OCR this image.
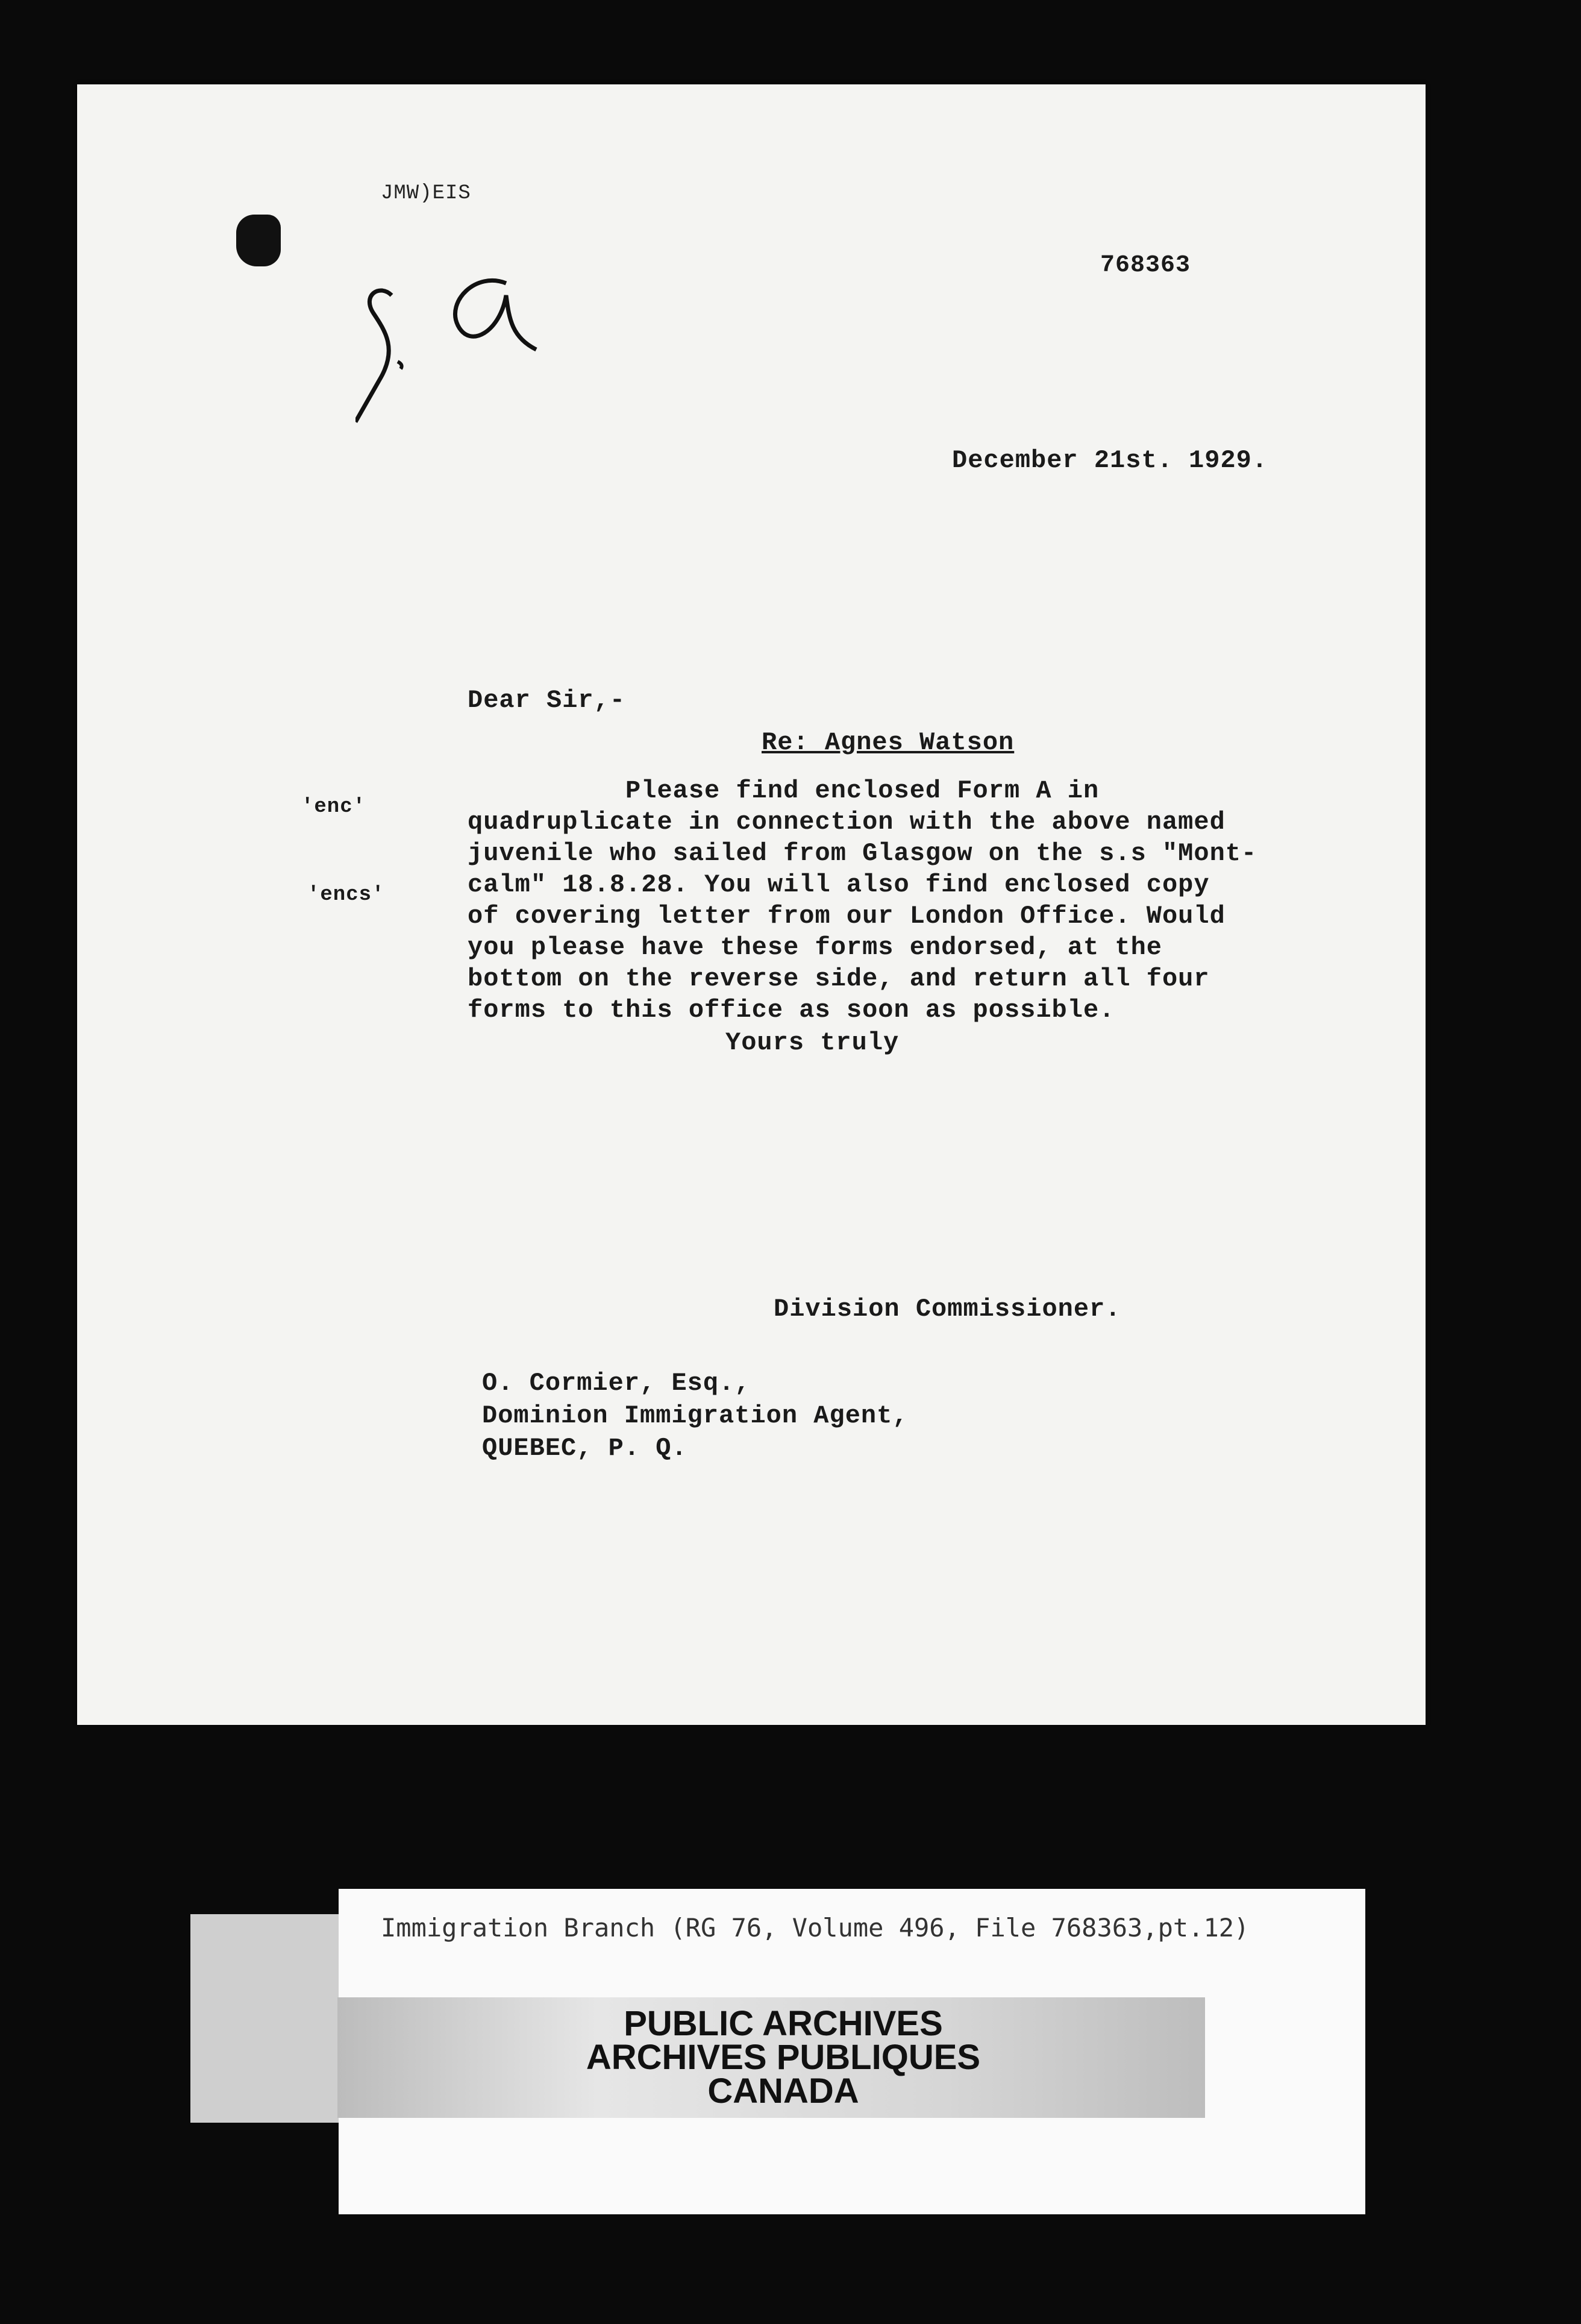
JMW)EIS
768363
December 21st. 1929.
Dear Sir,-
Re: Agnes Watson
'enc'
'encs'
Please find enclosed Form A in
quadruplicate in connection with the above named
juvenile who sailed from Glasgow on the s.s "Mont-
calm" 18.8.28. You will also find enclosed copy
of covering letter from our London Office. Would
you please have these forms endorsed, at the
bottom on the reverse side, and return all four
forms to this office as soon as possible.
Yours truly
Division Commissioner.
O. Cormier, Esq.,
Dominion Immigration Agent,
QUEBEC, P. Q.
Immigration Branch (RG 76, Volume 496, File 768363,pt.12)
PUBLIC ARCHIVES
ARCHIVES PUBLIQUES
CANADA
